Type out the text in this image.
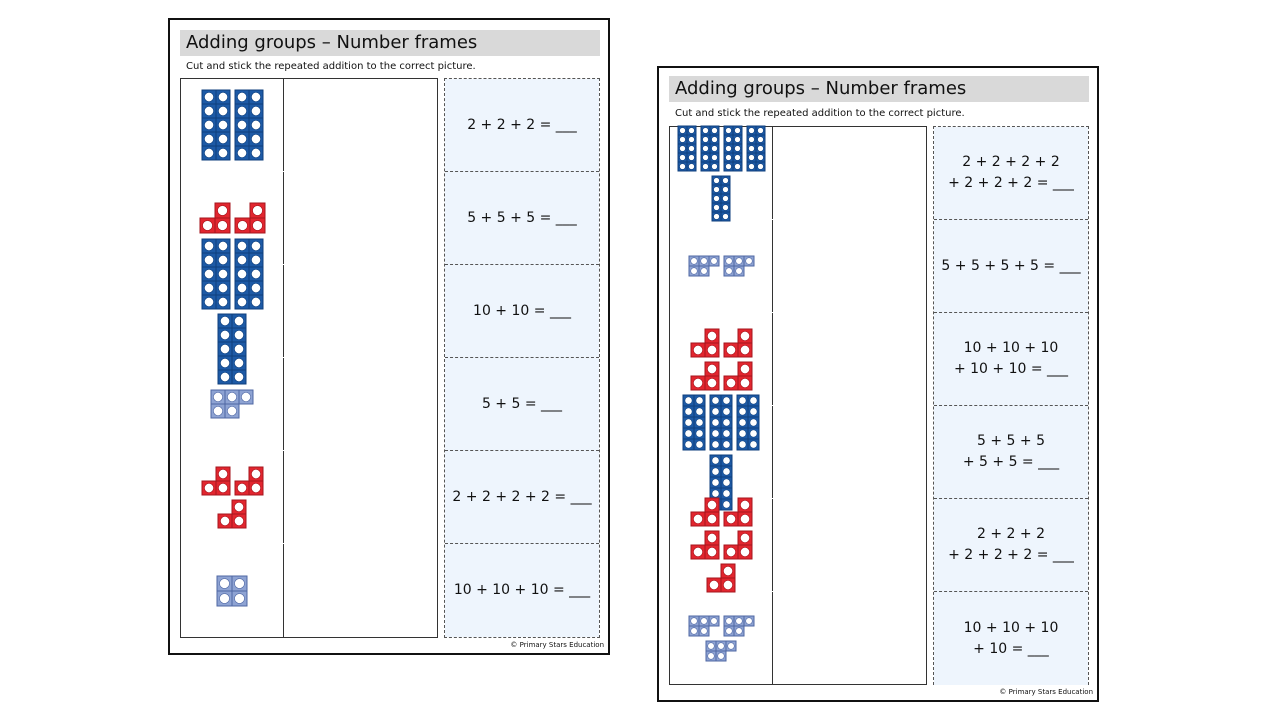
Adding groups – Number frames
Cut and stick the repeated addition to the correct picture.
2 + 2 + 2 = ___
5 + 5 + 5 = ___
10 + 10 = ___
5 + 5 = ___
2 + 2 + 2 + 2 = ___
10 + 10 + 10 = ___
© Primary Stars Education
Adding groups – Number frames
Cut and stick the repeated addition to the correct picture.
2 + 2 + 2 + 2
+ 2 + 2 + 2 = ___
5 + 5 + 5 + 5 = ___
10 + 10 + 10
+ 10 + 10 = ___
5 + 5 + 5
+ 5 + 5 = ___
2 + 2 + 2
+ 2 + 2 + 2 = ___
10 + 10 + 10
+ 10 = ___
© Primary Stars Education
